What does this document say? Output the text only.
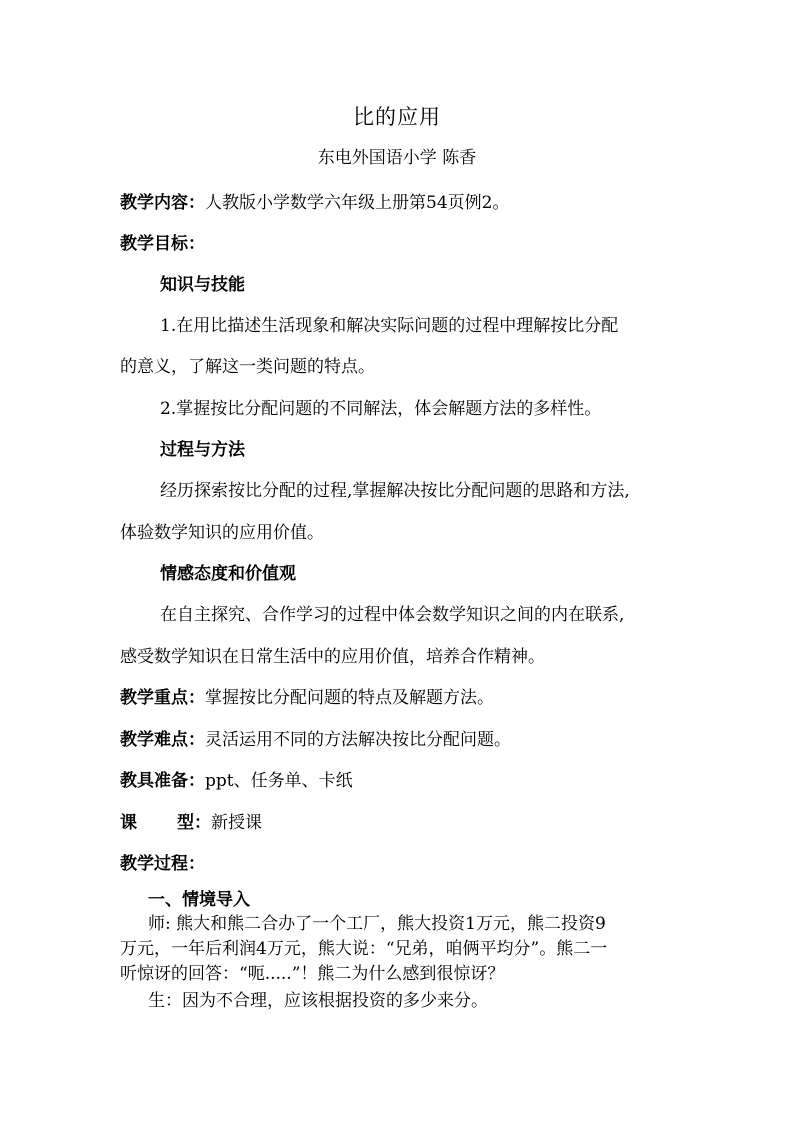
比的应用
东电外国语小学 陈香
教学内容：人教版小学数学六年级上册第54页例2。
教学目标：
知识与技能
1.在用比描述生活现象和解决实际问题的过程中理解按比分配
的意义，了解这一类问题的特点。
2.掌握按比分配问题的不同解法，体会解题方法的多样性。
过程与方法
经历探索按比分配的过程,掌握解决按比分配问题的思路和方法,
体验数学知识的应用价值。
情感态度和价值观
在自主探究、合作学习的过程中体会数学知识之间的内在联系,
感受数学知识在日常生活中的应用价值，培养合作精神。
教学重点：掌握按比分配问题的特点及解题方法。
教学难点：灵活运用不同的方法解决按比分配问题。
教具准备：ppt、任务单、卡纸
课 型：新授课
教学过程：
一、情境导入
师: 熊大和熊二合办了一个工厂，熊大投资1万元，熊二投资9
万元，一年后利润4万元，熊大说：“兄弟，咱俩平均分”。熊二一
听惊讶的回答：“呃.....”！熊二为什么感到很惊讶？
生：因为不合理，应该根据投资的多少来分。
